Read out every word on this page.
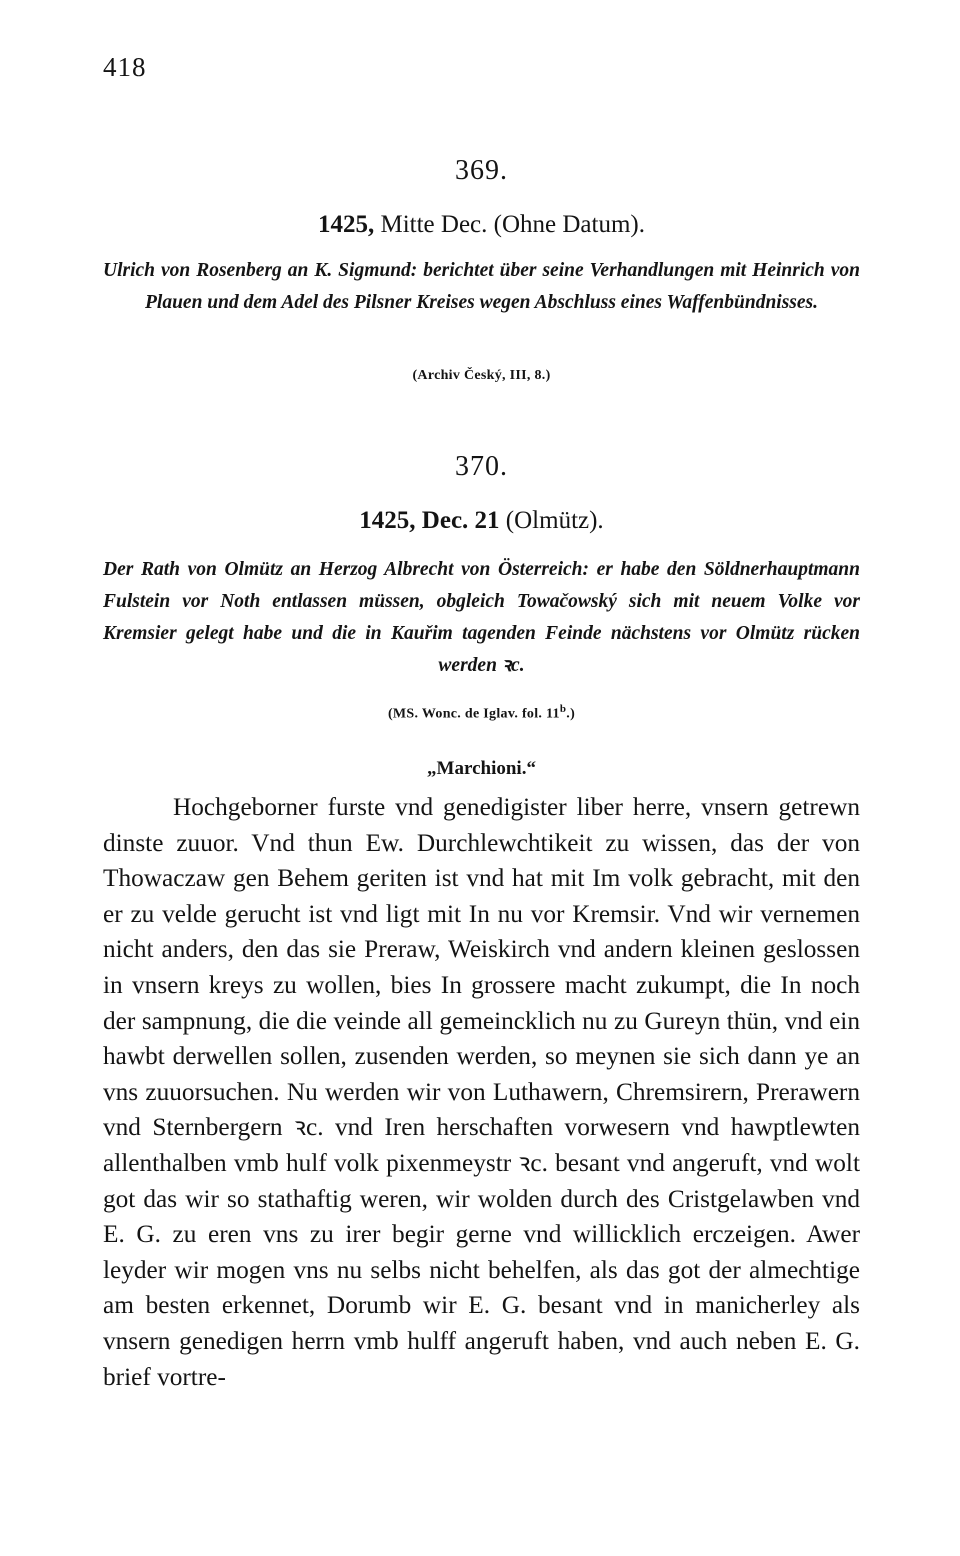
418
369.
1425, Mitte Dec. (Ohne Datum).
Ulrich von Rosenberg an K. Sigmund: berichtet über seine Verhandlungen mit Heinrich von Plauen und dem Adel des Pilsner Kreises wegen Abschluss eines Waffenbündnisses.
(Archiv Český, III, 8.)
370.
1425, Dec. 21 (Olmütz).
Der Rath von Olmütz an Herzog Albrecht von Österreich: er habe den Söldnerhauptmann Fulstein vor Noth entlassen müssen, obgleich Towačowský sich mit neuem Volke vor Kremsier gelegt habe und die in Kauřim tagenden Feinde nächstens vor Olmütz rücken werden ꝛc.
(MS. Wonc. de Iglav. fol. 11$^b$.)
„Marchioni.“
Hochgeborner furste vnd genedigister liber herre, vnsern getrewn dinste zuuor. Vnd thun Ew. Durchlewchtikeit zu wissen, das der von Thowaczaw gen Behem geriten ist vnd hat mit Im volk gebracht, mit den er zu velde gerucht ist vnd ligt mit In nu vor Kremsir. Vnd wir vernemen nicht anders, den das sie Preraw, Weiskirch vnd andern kleinen geslossen in vnsern kreys zu wollen, bies In grossere macht zukumpt, die In noch der sampnung, die die veinde all gemeincklich nu zu Gureyn thün, vnd ein hawbt derwellen sollen, zusenden werden, so meynen sie sich dann ye an vns zuuorsuchen. Nu werden wir von Luthawern, Chremsirern, Prerawern vnd Sternbergern ꝛc. vnd Iren herschaften vorwesern vnd hawptlewten allenthalben vmb hulf volk pixenmeystr ꝛc. besant vnd angeruft, vnd wolt got das wir so stathaftig weren, wir wolden durch des Cristgelawben vnd E. G. zu eren vns zu irer begir gerne vnd willicklich erczeigen. Awer leyder wir mogen vns nu selbs nicht behelfen, als das got der almechtige am besten erkennet, Dorumb wir E. G. besant vnd in manicherley als vnsern genedigen herrn vmb hulff angeruft haben, vnd auch neben E. G. brief vortre-
